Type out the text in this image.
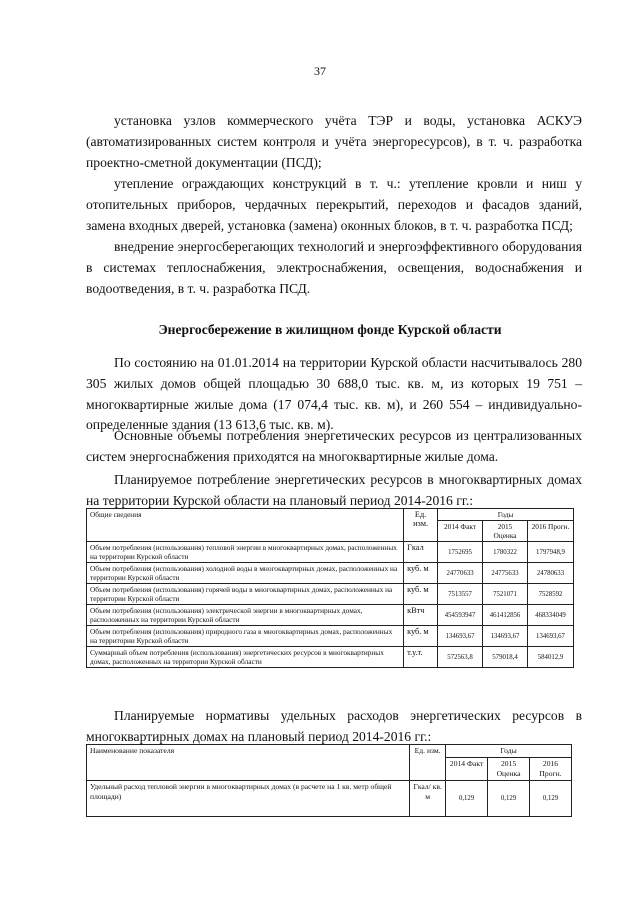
37

установка узлов коммерческого учёта ТЭР и воды, установка АСКУЭ (автоматизированных систем контроля и учёта энергоресурсов), в т. ч. разработка проектно-сметной документации (ПСД);

утепление ограждающих конструкций в т. ч.: утепление кровли и ниш у отопительных приборов, чердачных перекрытий, переходов и фасадов зданий, замена входных дверей, установка (замена) оконных блоков, в т. ч. разработка ПСД;

внедрение энергосберегающих технологий и энергоэффективного оборудования в системах теплоснабжения, электроснабжения, освещения, водоснабжения и водоотведения, в т. ч. разработка ПСД.

Энергосбережение в жилищном фонде Курской области

По состоянию на 01.01.2014 на территории Курской области насчитывалось 280 305 жилых домов общей площадью 30 688,0 тыс. кв. м, из которых 19 751 – многоквартирные жилые дома (17 074,4 тыс. кв. м), и 260 554 – индивидуально-определенные здания (13 613,6 тыс. кв. м).

Основные объемы потребления энергетических ресурсов из централизованных систем энергоснабжения приходятся на многоквартирные жилые дома.

Планируемое потребление энергетических ресурсов в многоквартирных домах на территории Курской области на плановый период 2014-2016 гг.:

Общие сведения	Ед. изм.	Годы		
		2014 Факт	2015 Оценка	2016 Прогн.
Объем потребления (использования) тепловой энергии в многоквартирных домах, расположенных на территории Курской области	Гкал	1752695	1780322	1797948,9
Объем потребления (использования) холодной воды в многоквартирных домах, расположенных на территории Курской области	куб. м	24770633	24775633	24780633
Объем потребления (использования) горячей воды в многоквартирных домах, расположенных на территории Курской области	куб. м	7513557	7521071	7528592
Объем потребления (использования) электрической энергии в многоквартирных домах, расположенных на территории Курской области	кВтч	454593947	461412856	468334049
Объем потребления (использования) природного газа в многоквартирных домах, расположенных на территории Курской области	куб. м	134693,67	134693,67	134693,67
Суммарный объем потребления (использования) энергетических ресурсов в многоквартирных домах, расположенных на территории Курской области	т.у.т.	572563,8	579018,4	584012,9

Планируемые нормативы удельных расходов энергетических ресурсов в многоквартирных домах на плановый период 2014-2016 гг.:

Наименование показателя	Ед. изм.	Годы		
		2014 Факт	2015 Оценка	2016 Прогн.
Удельный расход тепловой энергии в многоквартирных домах (в расчете на 1 кв. метр общей площади)	Гкал/ кв. м	0,129	0,129	0,129
